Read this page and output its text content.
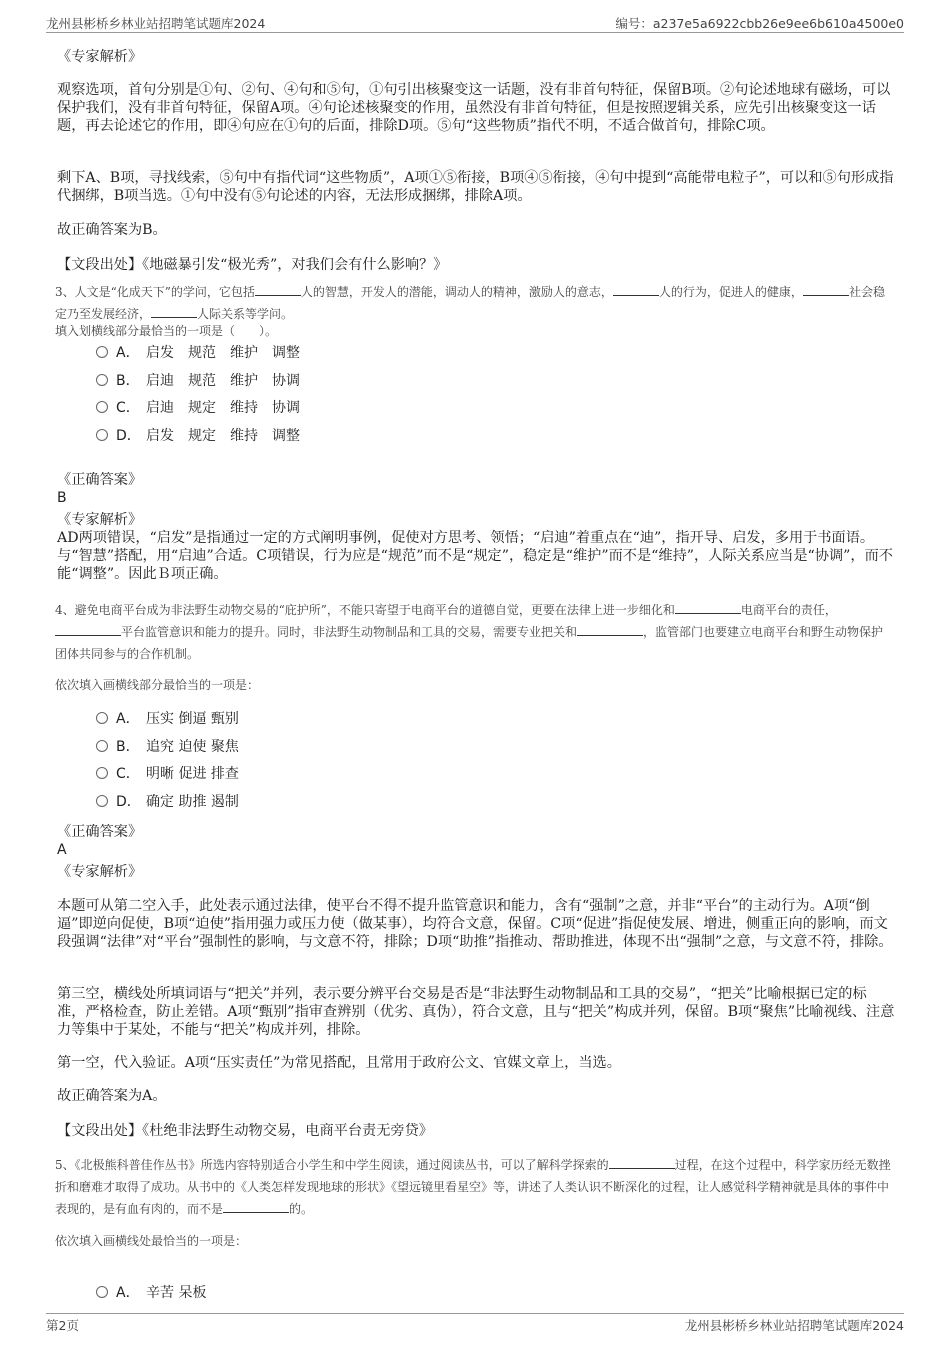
龙州县彬桥乡林业站招聘笔试题库2024	编号：a237e5a6922cbb26e9ee6b610a4500e0
《专家解析》
观察选项，首句分别是①句、②句、④句和⑤句，①句引出核聚变这一话题，没有非首句特征，保留B项。②句论述地球有磁场，可以保护我们，没有非首句特征，保留A项。④句论述核聚变的作用，虽然没有非首句特征，但是按照逻辑关系，应先引出核聚变这一话题，再去论述它的作用，即④句应在①句的后面，排除D项。⑤句“这些物质”指代不明，不适合做首句，排除C项。
剩下A、B项，寻找线索，⑤句中有指代词“这些物质”，A项①⑤衔接，B项④⑤衔接，④句中提到“高能带电粒子”，可以和⑤句形成指代捆绑，B项当选。①句中没有⑤句论述的内容，无法形成捆绑，排除A项。
故正确答案为B。
【文段出处】《地磁暴引发“极光秀”，对我们会有什么影响？》
3、人文是“化成天下”的学问，它包括	人的智慧，开发人的潜能，调动人的精神，激励人的意志，	人的行为，促进人的健康，	社会稳定乃至发展经济，	人际关系等学问。
填入划横线部分最恰当的一项是（　　）。
A． 启发　规范　维护　调整
B． 启迪　规范　维护　协调
C． 启迪　规定　维持　协调
D． 启发　规定　维持　调整
《正确答案》
B
《专家解析》
AD两项错误，“启发”是指通过一定的方式阐明事例，促使对方思考、领悟；“启迪”着重点在“迪”，指开导、启发，多用于书面语。与“智慧”搭配，用“启迪”合适。C项错误，行为应是“规范”而不是“规定”，稳定是“维护”而不是“维持”，人际关系应当是“协调”，而不能“调整”。因此Ｂ项正确。
4、避免电商平台成为非法野生动物交易的“庇护所”，不能只寄望于电商平台的道德自觉，更要在法律上进一步细化和	电商平台的责任，平台监管意识和能力的提升。同时，非法野生动物制品和工具的交易，需要专业把关和	，监管部门也要建立电商平台和野生动物保护团体共同参与的合作机制。
依次填入画横线部分最恰当的一项是：
A． 压实 倒逼 甄别
B． 追究 迫使 聚焦
C． 明晰 促进 排查
D． 确定 助推 遏制
《正确答案》
A
《专家解析》
本题可从第二空入手，此处表示通过法律，使平台不得不提升监管意识和能力，含有“强制”之意，并非“平台”的主动行为。A项“倒逼”即逆向促使，B项“迫使”指用强力或压力使（做某事），均符合文意，保留。C项“促进”指促使发展、增进，侧重正向的影响，而文段强调“法律”对“平台”强制性的影响，与文意不符，排除；D项“助推”指推动、帮助推进，体现不出“强制”之意，与文意不符，排除。
第三空，横线处所填词语与“把关”并列，表示要分辨平台交易是否是“非法野生动物制品和工具的交易”，“把关”比喻根据已定的标准，严格检查，防止差错。A项“甄别”指审查辨别（优劣、真伪），符合文意，且与“把关”构成并列，保留。B项“聚焦”比喻视线、注意力等集中于某处，不能与“把关”构成并列，排除。
第一空，代入验证。A项“压实责任”为常见搭配，且常用于政府公文、官媒文章上，当选。
故正确答案为A。
【文段出处】《杜绝非法野生动物交易，电商平台责无旁贷》
5、《北极熊科普佳作丛书》所选内容特别适合小学生和中学生阅读，通过阅读丛书，可以了解科学探索的	过程，在这个过程中，科学家历经无数挫折和磨难才取得了成功。从书中的《人类怎样发现地球的形状》《望远镜里看星空》等，讲述了人类认识不断深化的过程，让人感觉科学精神就是具体的事件中表现的，是有血有肉的，而不是	的。
依次填入画横线处最恰当的一项是：
A． 辛苦 呆板
第2页	龙州县彬桥乡林业站招聘笔试题库2024
